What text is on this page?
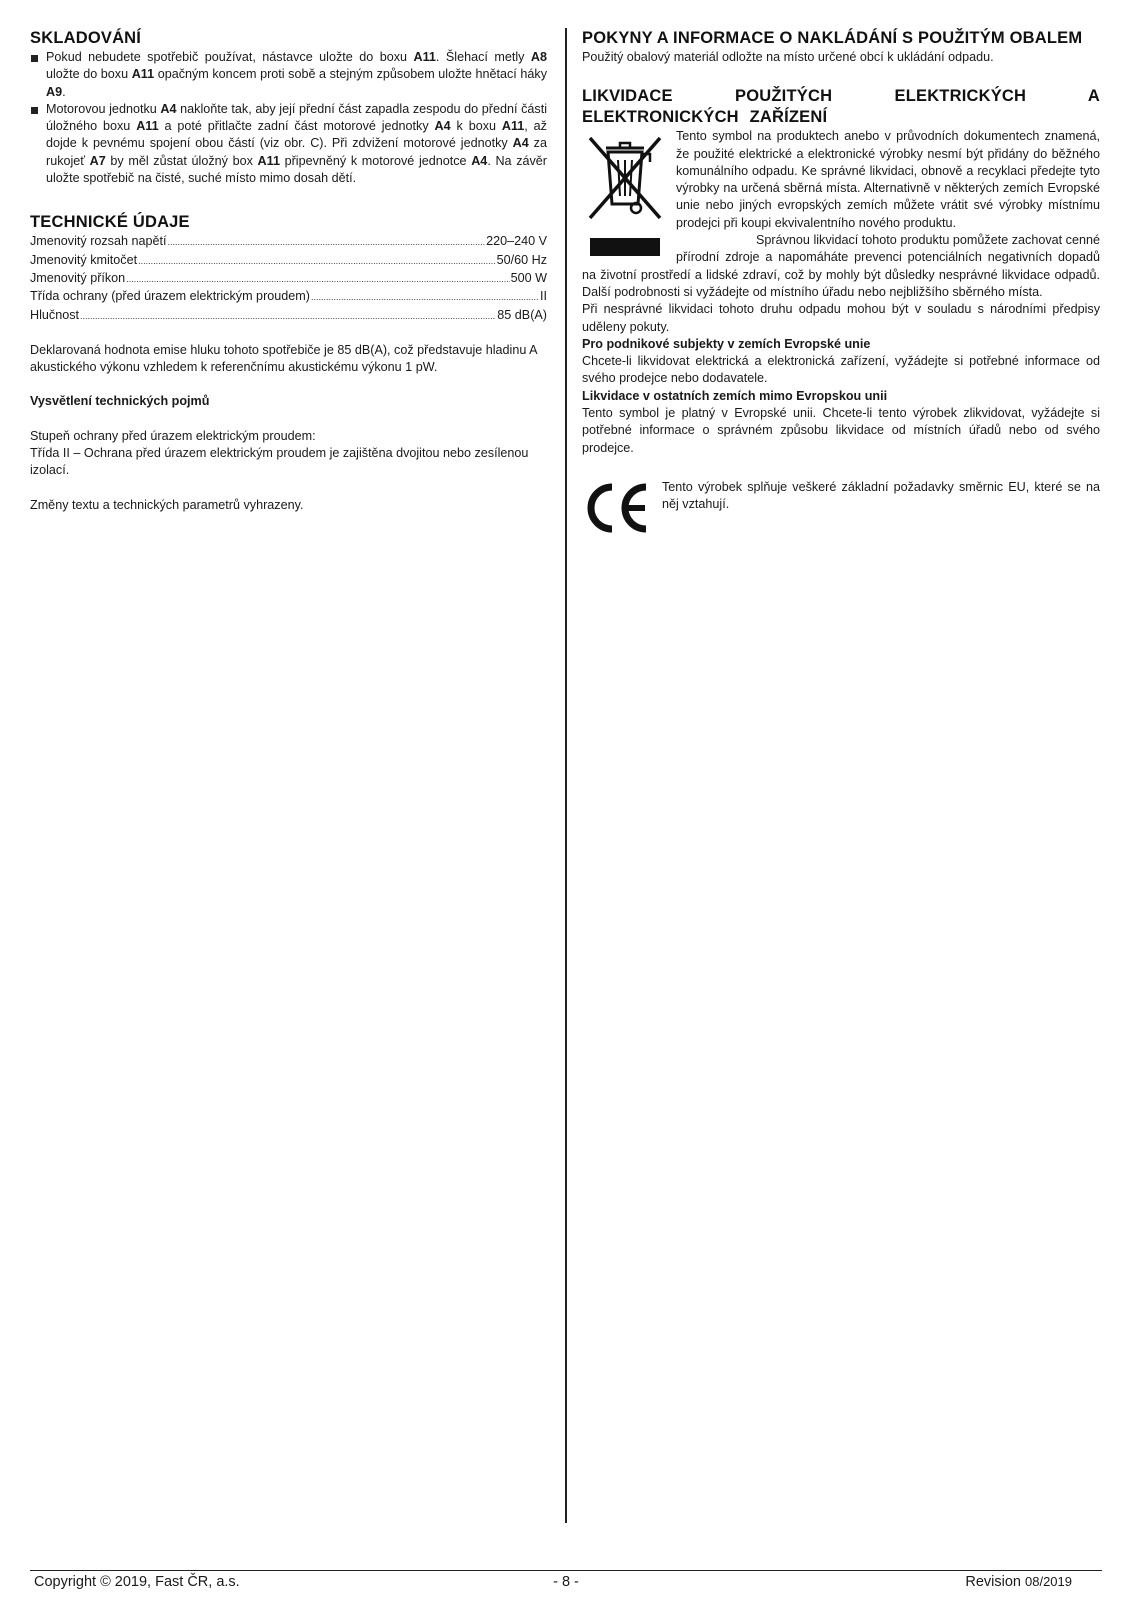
SKLADOVÁNÍ
Pokud nebudete spotřebič používat, nástavce uložte do boxu A11. Šlehací metly A8 uložte do boxu A11 opačným koncem proti sobě a stejným způsobem uložte hnětací háky A9.
Motorovou jednotku A4 nakloňte tak, aby její přední část zapadla zespodu do přední části úložného boxu A11 a poté přitlačte zadní část motorové jednotky A4 k boxu A11, až dojde k pevnému spojení obou částí (viz obr. C). Při zdvižení motorové jednotky A4 za rukojeť A7 by měl zůstat úložný box A11 připevněný k motorové jednotce A4. Na závěr uložte spotřebič na čisté, suché místo mimo dosah dětí.
TECHNICKÉ ÚDAJE
Jmenovitý rozsah napětí .....	220–240 V
Jmenovitý kmitočet .....	50/60 Hz
Jmenovitý příkon .....	500 W
Třída ochrany (před úrazem elektrickým proudem) .....	II
Hlučnost .....	85 dB(A)

Deklarovaná hodnota emise hluku tohoto spotřebiče je 85 dB(A), což představuje hladinu A akustického výkonu vzhledem k referenčnímu akustickému výkonu 1 pW.

Vysvětlení technických pojmů

Stupeň ochrany před úrazem elektrickým proudem:

Třída II – Ochrana před úrazem elektrickým proudem je zajištěna dvojitou nebo zesílenou izolací.

Změny textu a technických parametrů vyhrazeny.

POKYNY A INFORMACE O NAKLÁDÁNÍ S POUŽITÝM OBALEM

Použitý obalový materiál odložte na místo určené obcí k ukládání odpadu.

LIKVIDACE POUŽITÝCH ELEKTRICKÝCH A ELEKTRONICKÝCH ZAŘÍZENÍ

Tento symbol na produktech anebo v průvodních dokumentech znamená, že použité elektrické a elektronické výrobky nesmí být přidány do běžného komunálního odpadu. Ke správné likvidaci, obnově a recyklaci předejte tyto výrobky na určená sběrná místa. Alternativně v některých zemích Evropské unie nebo jiných evropských zemích můžete vrátit své výrobky místnímu prodejci při koupi ekvivalentního nového produktu.

Správnou likvidací tohoto produktu pomůžete zachovat cenné přírodní zdroje a napomáháte prevenci potenciálních negativních dopadů na životní prostředí a lidské zdraví, což by mohly být důsledky nesprávné likvidace odpadů. Další podrobnosti si vyžádejte od místního úřadu nebo nejbližšího sběrného místa.

Při nesprávné likvidaci tohoto druhu odpadu mohou být v souladu s národními předpisy uděleny pokuty.

Pro podnikové subjekty v zemích Evropské unie

Chcete-li likvidovat elektrická a elektronická zařízení, vyžádejte si potřebné informace od svého prodejce nebo dodavatele.

Likvidace v ostatních zemích mimo Evropskou unii

Tento symbol je platný v Evropské unii. Chcete-li tento výrobek zlikvidovat, vyžádejte si potřebné informace o správném způsobu likvidace od místních úřadů nebo od svého prodejce.

Tento výrobek splňuje veškeré základní požadavky směrnic EU, které se na něj vztahují.

Copyright © 2019, Fast ČR, a.s.	- 8 -	Revision 08/2019
